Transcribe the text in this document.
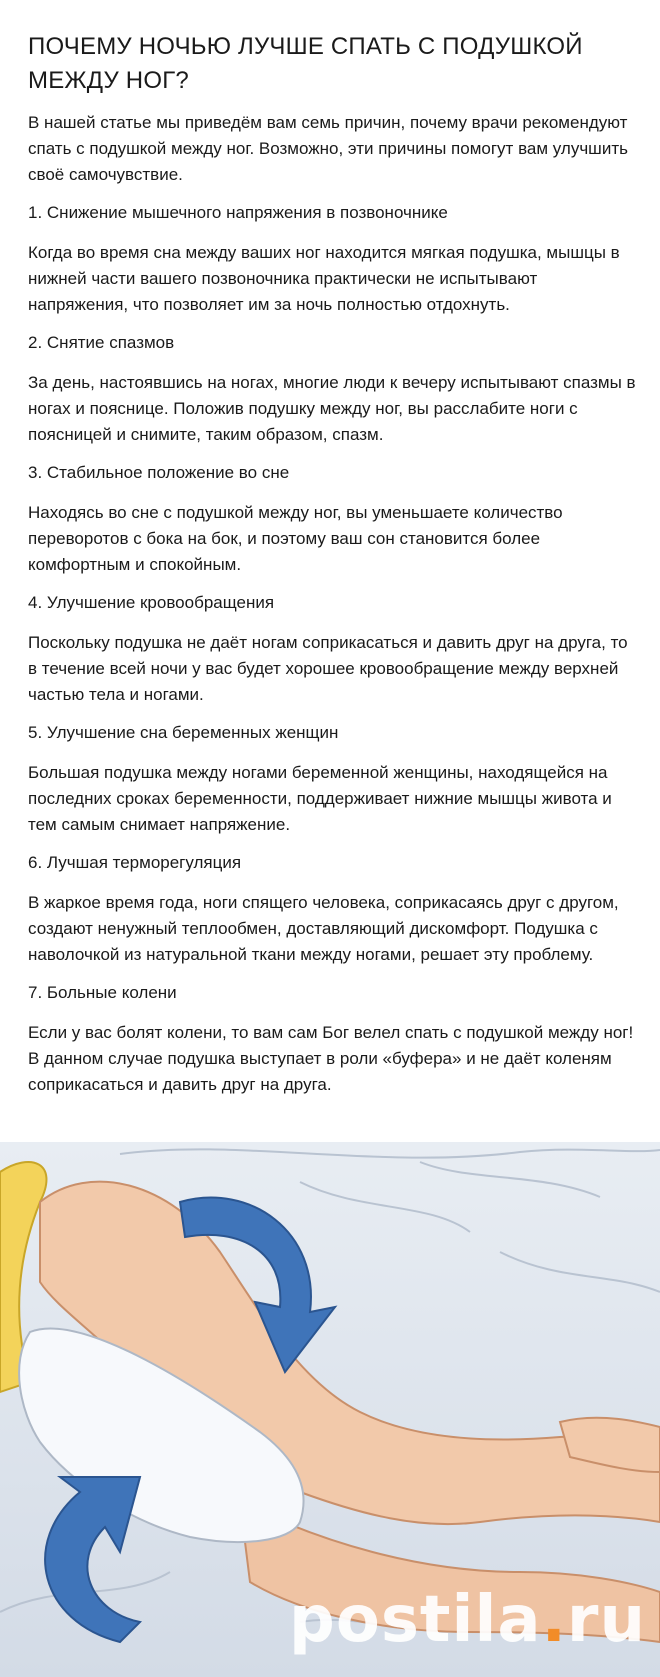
ПОЧЕМУ НОЧЬЮ ЛУЧШЕ СПАТЬ С ПОДУШКОЙ МЕЖДУ НОГ?

В нашей статье мы приведём вам семь причин, почему врачи рекомендуют спать с подушкой между ног. Возможно, эти причины помогут вам улучшить своё самочувствие.

1. Снижение мышечного напряжения в позвоночнике

Когда во время сна между ваших ног находится мягкая подушка, мышцы в нижней части вашего позвоночника практически не испытывают напряжения, что позволяет им за ночь полностью отдохнуть.

2. Снятие спазмов

За день, настоявшись на ногах, многие люди к вечеру испытывают спазмы в ногах и пояснице. Положив подушку между ног, вы расслабите ноги с поясницей и снимите, таким образом, спазм.

3. Стабильное положение во сне

Находясь во сне с подушкой между ног, вы уменьшаете количество переворотов с бока на бок, и поэтому ваш сон становится более комфортным и спокойным.

4. Улучшение кровообращения

Поскольку подушка не даёт ногам соприкасаться и давить друг на друга, то в течение всей ночи у вас будет хорошее кровообращение между верхней частью тела и ногами.

5. Улучшение сна беременных женщин

Большая подушка между ногами беременной женщины, находящейся на последних сроках беременности, поддерживает нижние мышцы живота и тем самым снимает напряжение.

6. Лучшая терморегуляция

В жаркое время года, ноги спящего человека, соприкасаясь друг с другом, создают ненужный теплообмен, доставляющий дискомфорт. Подушка с наволочкой из натуральной ткани между ногами, решает эту проблему.

7. Больные колени

Если у вас болят колени, то вам сам Бог велел спать с подушкой между ног! В данном случае подушка выступает в роли «буфера» и не даёт коленям соприкасаться и давить друг на друга.

postila.ru
